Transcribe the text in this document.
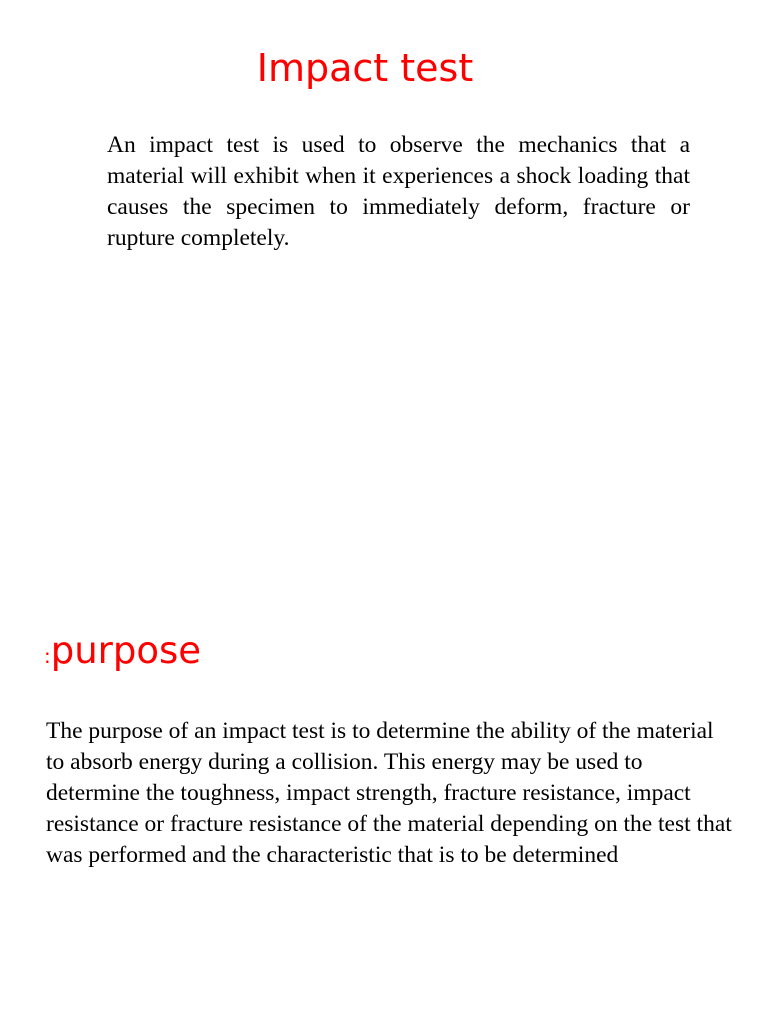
Impact test

An impact test is used to observe the mechanics that a material will exhibit when it experiences a shock loading that causes the specimen to immediately deform, fracture or rupture completely.

:purpose

The purpose of an impact test is to determine the ability of the material to absorb energy during a collision. This energy may be used to determine the toughness, impact strength, fracture resistance, impact resistance or fracture resistance of the material depending on the test that was performed and the characteristic that is to be determined
